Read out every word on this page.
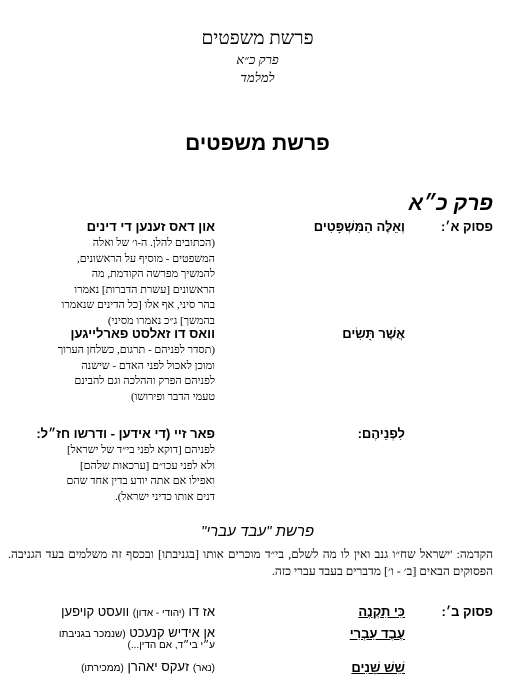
פרשת משפטים
פרק כ״א
למלמד
פרשת משפטים
פרק כ״א
פסוק א׳:
וְאֵלֶּה הַמִּשְׁפָּטִים
און דאס זענען די דינים
(הכתובים להלן. ה-ו׳ של ואלה
המשפטים - מוסיף על הראשונים,
להמשיך מפרשה הקודמת, מה
הראשונים [עשרת הדברות] נאמרו
בהר סיני, אף אלו [כל הדינים שנאמרו
בהמשך] ג״כ נאמרו מסיני)
אֲשֶׁר תָּשִׂים
וואס דו זאלסט פארלייגען
(תסדר לפניהם - תרגום, כשלחן הערוך
ומוכן לאכול לפני האדם - שישנה
לפניהם הפרק וההלכה וגם להבינם
טעמי הדבר ופירושו)
לִפְנֵיהֶם:
פאר זיי (די אידען - ודרשו חז״ל:
לפניהם [דוקא לפני בי״ד של ישראל]
ולא לפני עכו״ם [ערכאות שלהם]
ואפילו אם אתה יודע בדין אחד שהם
דנים אותו כדיני ישראל).
פרשת "עבד עברי"
הקדמה: 'ישראל שח״ו גנב ואין לו מה לשלם, בי״ד מוכרים אותו [בגניבתו] ובכסף זה משלמים בעד הגניבה. הפסוקים הבאים [ב׳ - ו׳] מדברים בעבד עברי כזה.
פסוק ב׳:
כִּי תִקְנֶה
אז דו (יהודי - אדון) וועסט קויפען
עֶבֶד עִבְרִי
אן אידיש קנעכט (שנמכר בגניבתו
ע״י בי״ד, אם הדין...)
שֵׁשׁ שָׁנִים
(נאר) זעקס יאהרן (ממכירתו)
